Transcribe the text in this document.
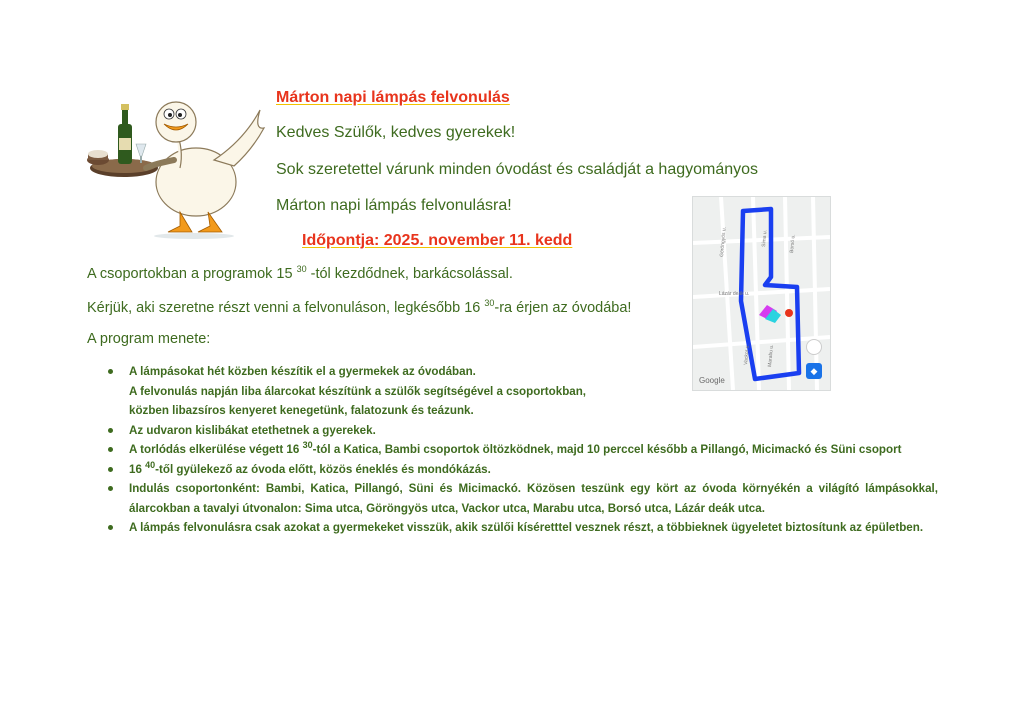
Márton napi lámpás felvonulás
Kedves Szülők, kedves gyerekek!
Sok szeretettel várunk minden óvodást és családját a hagyományos
Márton napi lámpás felvonulásra!
Időpontja: 2025. november 11. kedd
A csoportokban a programok 15 $^{30}$ -tól kezdődnek, barkácsolással.
Kérjük, aki szeretne részt venni a felvonuláson, legkésőbb 16 $^{30}$-ra érjen az óvodába!
A program menete:
Göröngyös u.	Sima u.	Borsó u.
Lázár deák u.
Vackor u.	Marabu u.
◆
Google
A lámpásokat hét közben készítik el a gyermekek az óvodában.
A felvonulás napján liba álarcokat készítünk a szülők segítségével a csoportokban,
közben libazsíros kenyeret kenegetünk, falatozunk és teázunk.
Az udvaron kislibákat etethetnek a gyerekek.
A torlódás elkerülése végett 16 $^{30}$-tól a Katica, Bambi csoportok öltözködnek, majd 10 perccel később a Pillangó, Micimackó és Süni csoport
16 $^{40}$-től gyülekező az óvoda előtt, közös éneklés és mondókázás.
Indulás csoportonként: Bambi, Katica, Pillangó, Süni és Micimackó. Közösen teszünk egy kört az óvoda környékén a világító lámpásokkal, álarcokban a tavalyi útvonalon: Sima utca, Göröngyös utca, Vackor utca, Marabu utca, Borsó utca, Lázár deák utca.
A lámpás felvonulásra csak azokat a gyermekeket visszük, akik szülői kíséretttel vesznek részt, a többieknek ügyeletet biztosítunk az épületben.
